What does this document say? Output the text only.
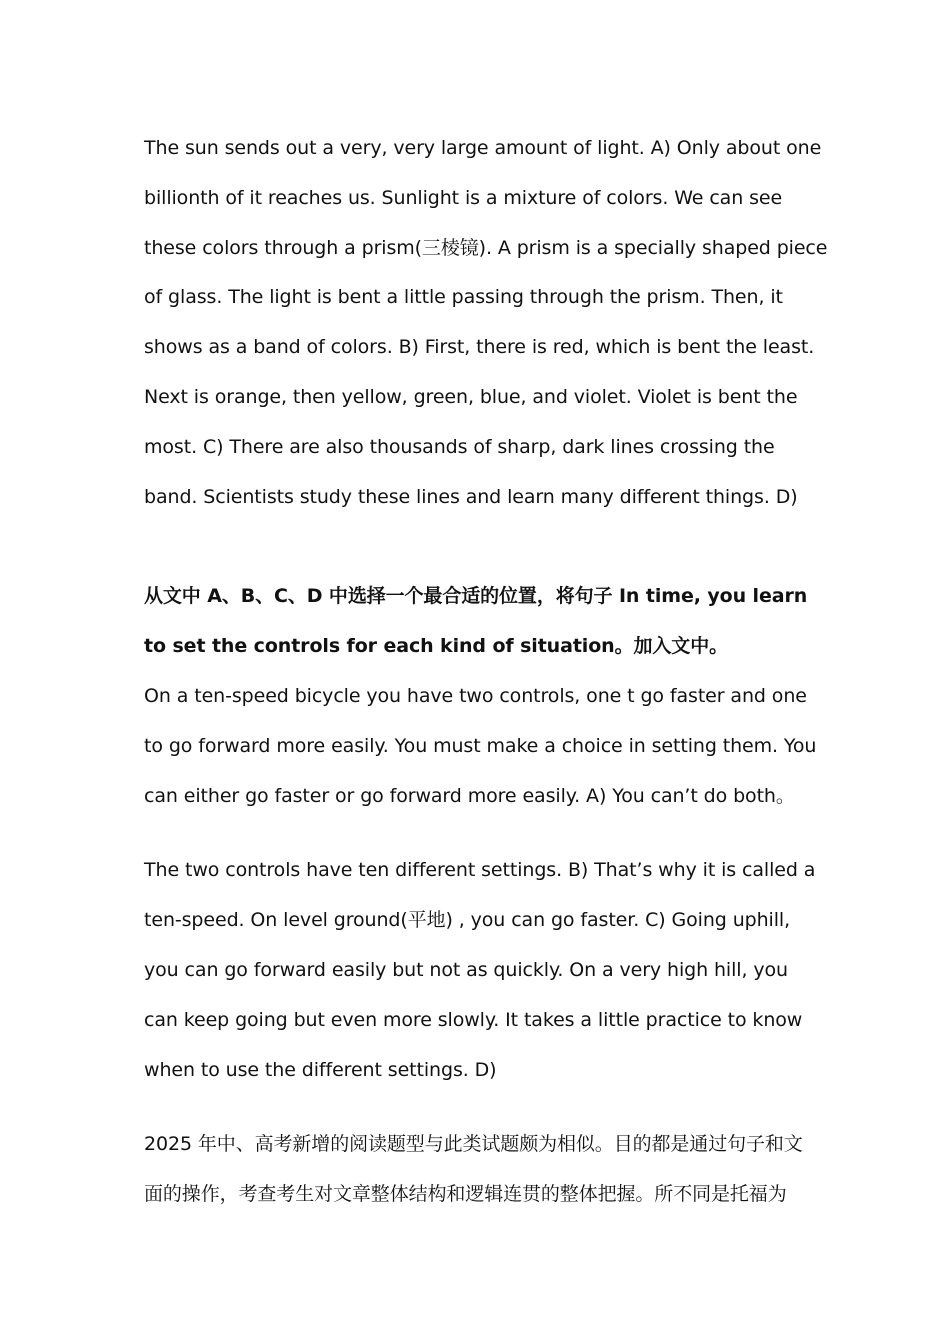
The sun sends out a very, very large amount of light. A) Only about one
billionth of it reaches us. Sunlight is a mixture of colors. We can see
these colors through a prism(三棱镜). A prism is a specially shaped piece
of glass. The light is bent a little passing through the prism. Then, it
shows as a band of colors. B) First, there is red, which is bent the least.
Next is orange, then yellow, green, blue, and violet. Violet is bent the
most. C) There are also thousands of sharp, dark lines crossing the
band. Scientists study these lines and learn many different things. D)
从文中 A、B、C、D 中选择一个最合适的位置，将句子 In time, you learn
to set the controls for each kind of situation。加入文中。
On a ten-speed bicycle you have two controls, one t go faster and one
to go forward more easily. You must make a choice in setting them. You
can either go faster or go forward more easily. A) You can’t do both。
The two controls have ten different settings. B) That’s why it is called a
ten-speed. On level ground(平地) , you can go faster. C) Going uphill,
you can go forward easily but not as quickly. On a very high hill, you
can keep going but even more slowly. It takes a little practice to know
when to use the different settings. D)
2025 年中、高考新增的阅读题型与此类试题颇为相似。目的都是通过句子和文
面的操作，考查考生对文章整体结构和逻辑连贯的整体把握。所不同是托福为
